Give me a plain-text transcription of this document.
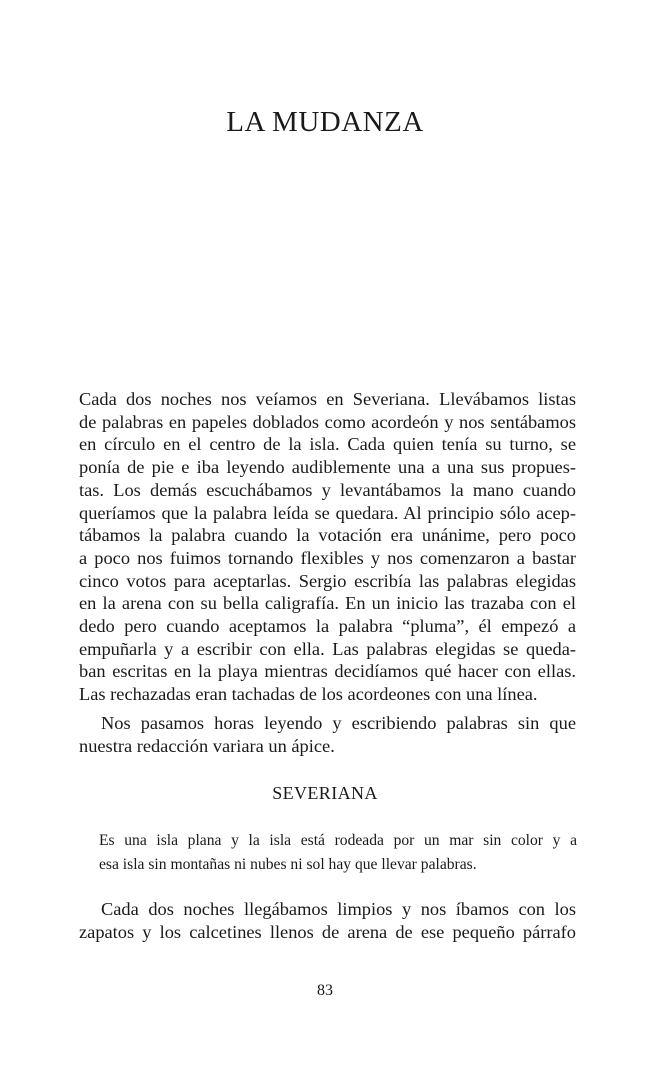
LA MUDANZA
Cada dos noches nos veíamos en Severiana. Llevábamos listas
de palabras en papeles doblados como acordeón y nos sentábamos
en círculo en el centro de la isla. Cada quien tenía su turno, se
ponía de pie e iba leyendo audiblemente una a una sus propues-
tas. Los demás escuchábamos y levantábamos la mano cuando
queríamos que la palabra leída se quedara. Al principio sólo acep-
tábamos la palabra cuando la votación era unánime, pero poco
a poco nos fuimos tornando flexibles y nos comenzaron a bastar
cinco votos para aceptarlas. Sergio escribía las palabras elegidas
en la arena con su bella caligrafía. En un inicio las trazaba con el
dedo pero cuando aceptamos la palabra “pluma”, él empezó a
empuñarla y a escribir con ella. Las palabras elegidas se queda-
ban escritas en la playa mientras decidíamos qué hacer con ellas.
Las rechazadas eran tachadas de los acordeones con una línea.
Nos pasamos horas leyendo y escribiendo palabras sin que
nuestra redacción variara un ápice.
SEVERIANA
Es una isla plana y la isla está rodeada por un mar sin color y a
esa isla sin montañas ni nubes ni sol hay que llevar palabras.
Cada dos noches llegábamos limpios y nos íbamos con los
zapatos y los calcetines llenos de arena de ese pequeño párrafo
83
